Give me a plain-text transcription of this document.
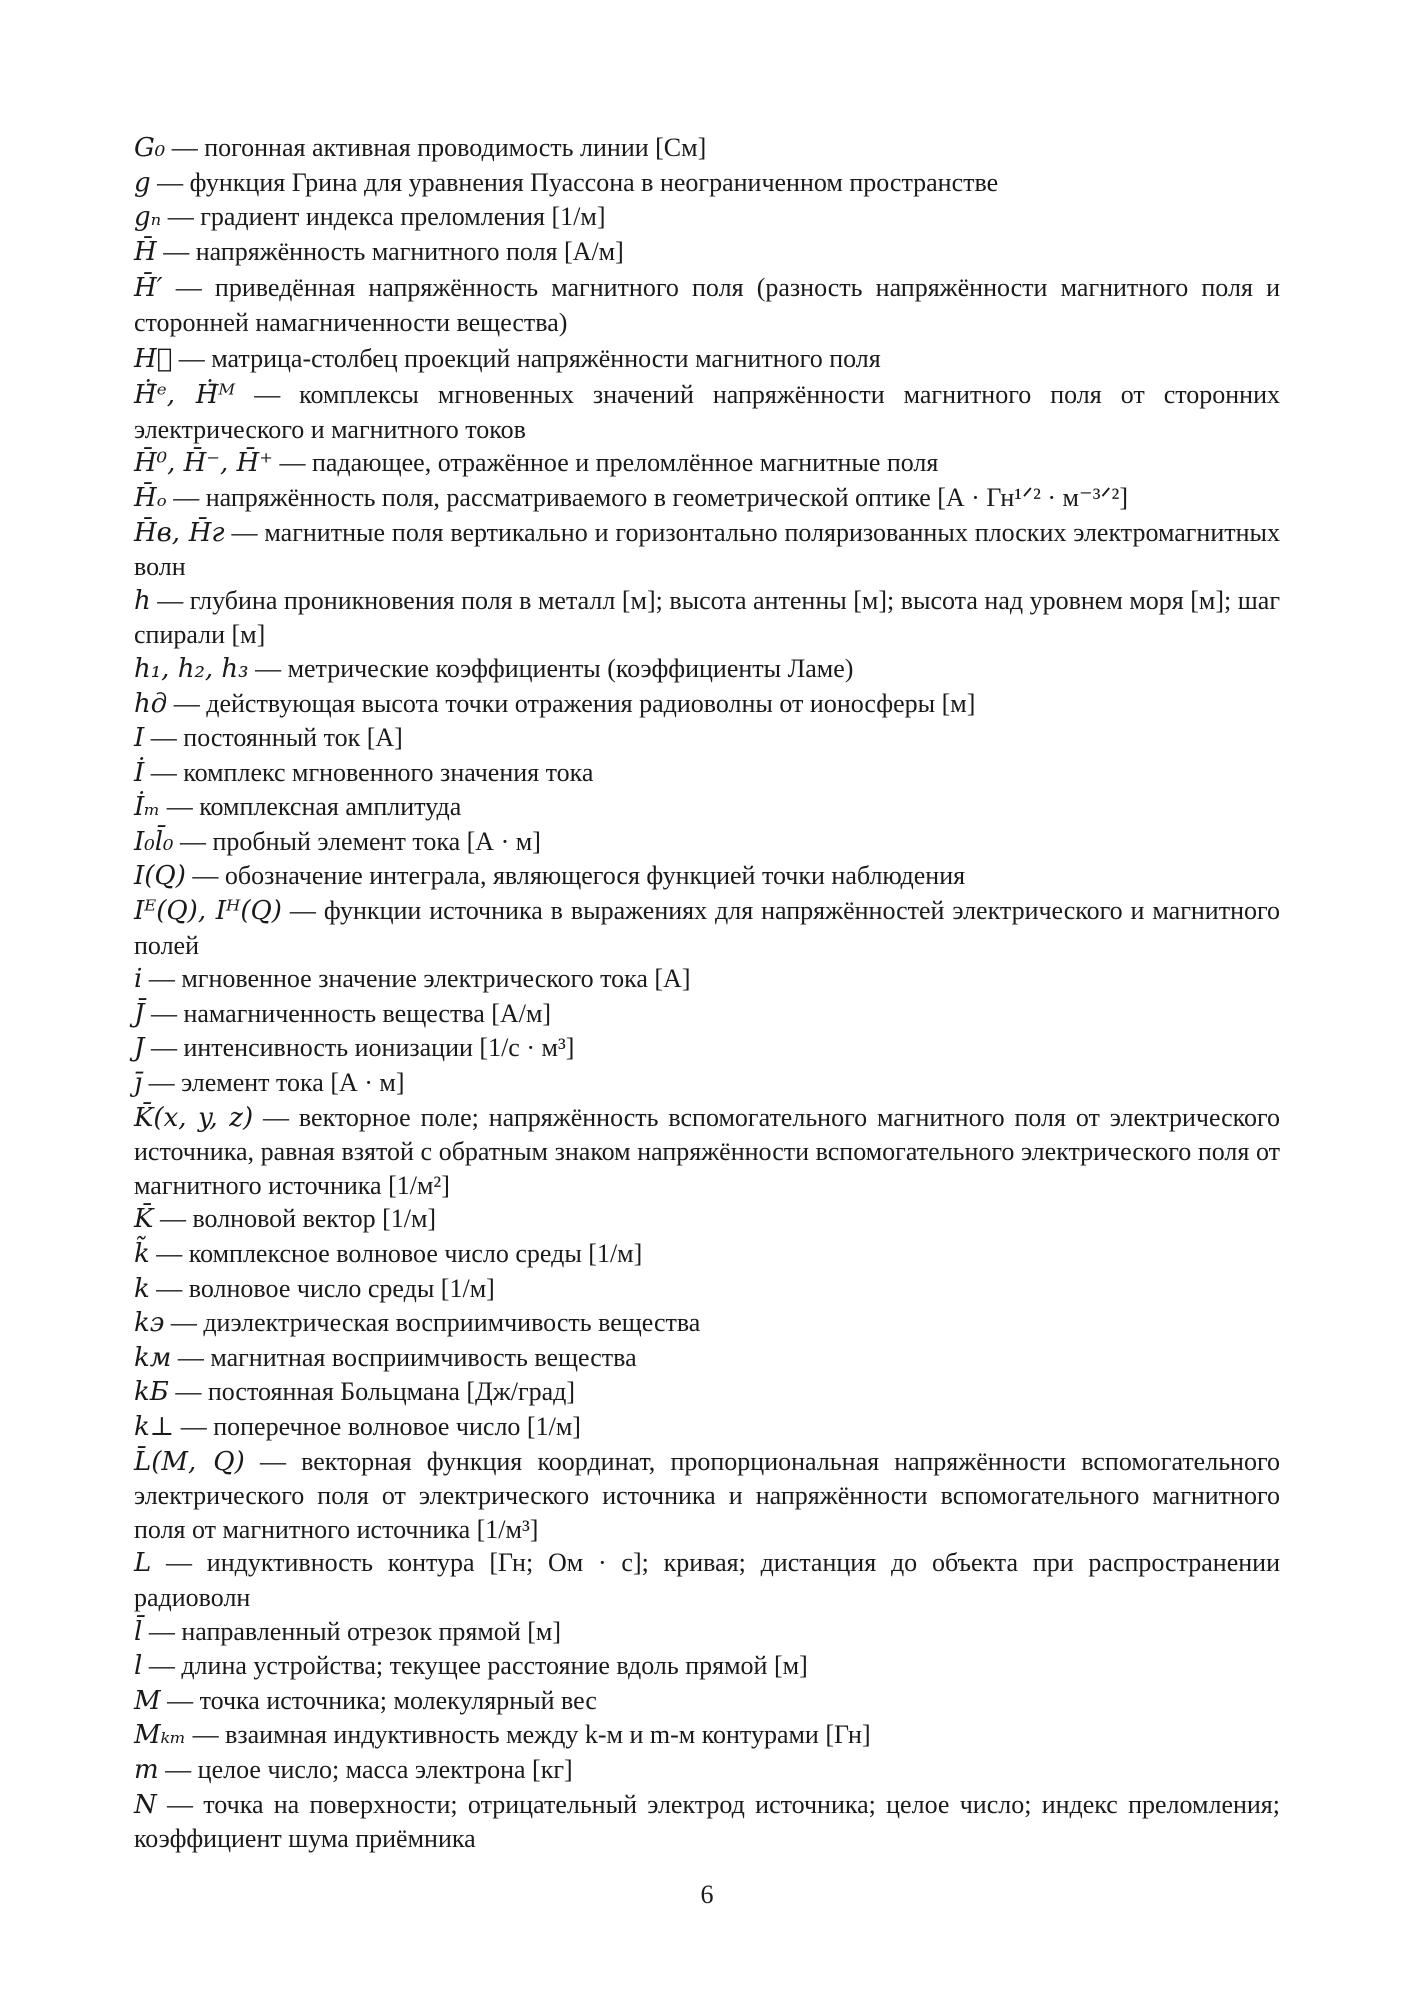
G₀ — погонная активная проводимость линии [См]

g — функция Грина для уравнения Пуассона в неограниченном пространстве

gₙ — градиент индекса преломления [1/м]

H̄ — напряжённость магнитного поля [А/м]

H̄′ — приведённая напряжённость магнитного поля (разность напряжённости магнитного поля и сторонней намагниченности вещества)

H⃗ — матрица-столбец проекций напряжённости магнитного поля

Ḣ̄ᵉ, Ḣ̄ᴹ — комплексы мгновенных значений напряжённости магнитного поля от сторонних электрического и магнитного токов

H̄⁰, H̄⁻, H̄⁺ — падающее, отражённое и преломлённое магнитные поля

H̄ₒ — напряжённость поля, рассматриваемого в геометрической оптике [А · Гн¹ᐟ² · м⁻³ᐟ²]

H̄в, H̄г — магнитные поля вертикально и горизонтально поляризованных плоских электромагнитных волн

h — глубина проникновения поля в металл [м]; высота антенны [м]; высота над уровнем моря [м]; шаг спирали [м]

h₁, h₂, h₃ — метрические коэффициенты (коэффициенты Ламе)

hд — действующая высота точки отражения радиоволны от ионосферы [м]

I — постоянный ток [А]

İ — комплекс мгновенного значения тока

İₘ — комплексная амплитуда

I₀l̄₀ — пробный элемент тока [А · м]

I(Q) — обозначение интеграла, являющегося функцией точки наблюдения

Iᴱ(Q), Iᴴ(Q) — функции источника в выражениях для напряжённостей электрического и магнитного полей

i — мгновенное значение электрического тока [А]

J̄ — намагниченность вещества [А/м]

J — интенсивность ионизации [1/с · м³]

j̄ — элемент тока [А · м]

K̄(x, y, z) — векторное поле; напряжённость вспомогательного магнитного поля от электрического источника, равная взятой с обратным знаком напряжённости вспомогательного электрического поля от магнитного источника [1/м²]

K̄ — волновой вектор [1/м]

k̃ — комплексное волновое число среды [1/м]

k — волновое число среды [1/м]

kэ — диэлектрическая восприимчивость вещества

kм — магнитная восприимчивость вещества

kБ — постоянная Больцмана [Дж/град]

k⊥ — поперечное волновое число [1/м]

L̄(M, Q) — векторная функция координат, пропорциональная напряжённости вспомогательного электрического поля от электрического источника и напряжённости вспомогательного магнитного поля от магнитного источника [1/м³]

L — индуктивность контура [Гн; Ом · с]; кривая; дистанция до объекта при распространении радиоволн

l̄ — направленный отрезок прямой [м]

l — длина устройства; текущее расстояние вдоль прямой [м]

M — точка источника; молекулярный вес

Mₖₘ — взаимная индуктивность между k-м и m-м контурами [Гн]

m — целое число; масса электрона [кг]

N — точка на поверхности; отрицательный электрод источника; целое число; индекс преломления; коэффициент шума приёмника

6
